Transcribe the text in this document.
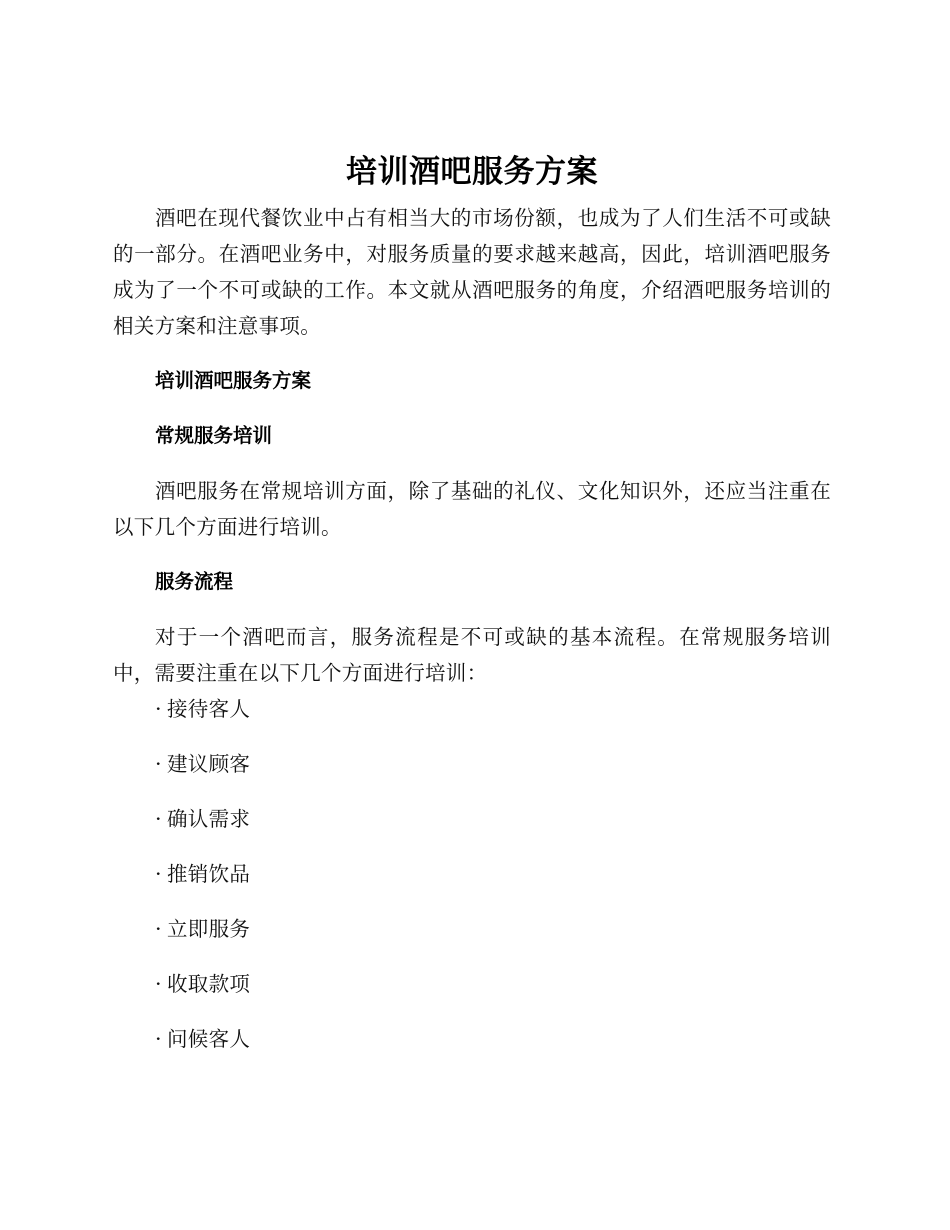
培训酒吧服务方案

酒吧在现代餐饮业中占有相当大的市场份额，也成为了人们生活不可或缺的一部分。在酒吧业务中，对服务质量的要求越来越高，因此，培训酒吧服务成为了一个不可或缺的工作。本文就从酒吧服务的角度，介绍酒吧服务培训的相关方案和注意事项。

培训酒吧服务方案
常规服务培训

酒吧服务在常规培训方面，除了基础的礼仪、文化知识外，还应当注重在以下几个方面进行培训。

服务流程

对于一个酒吧而言，服务流程是不可或缺的基本流程。在常规服务培训中，需要注重在以下几个方面进行培训：

· 接待客人
· 建议顾客
· 确认需求
· 推销饮品
· 立即服务
· 收取款项
· 问候客人
